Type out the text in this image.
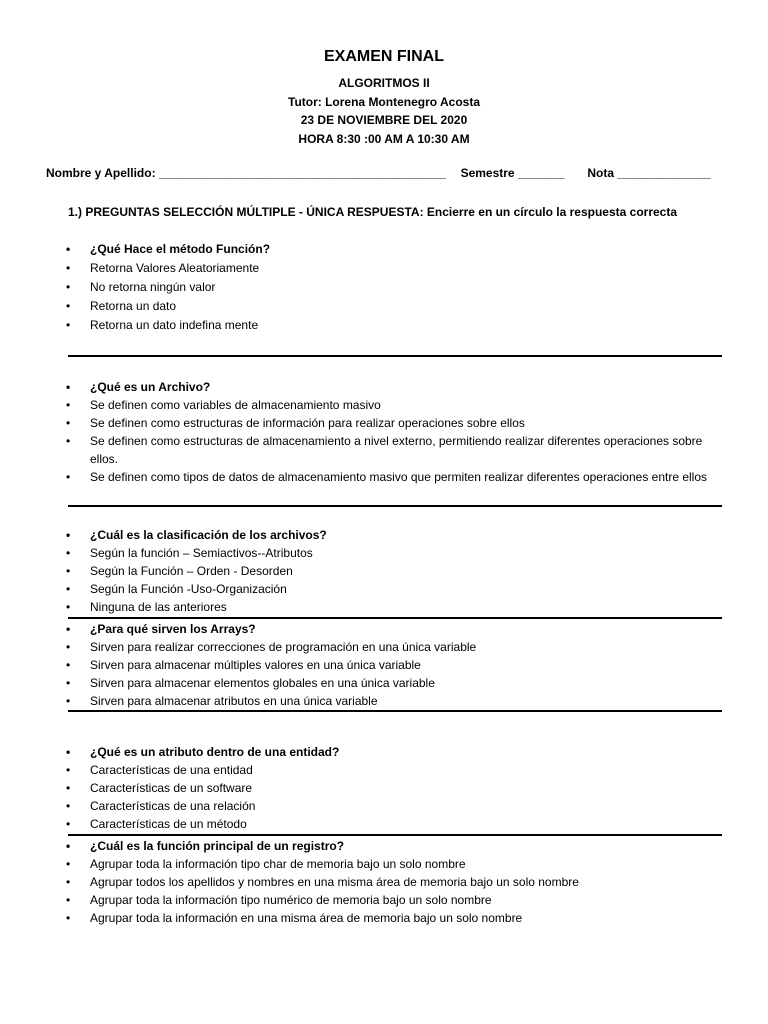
EXAMEN FINAL
ALGORITMOS II
Tutor: Lorena Montenegro Acosta
23 DE NOVIEMBRE DEL 2020
HORA 8:30 :00 AM A 10:30 AM
Nombre y Apellido: ___________________________________________ Semestre _______ Nota ______________
1.) PREGUNTAS SELECCIÓN MÚLTIPLE - ÚNICA RESPUESTA: Encierre en un círculo la respuesta correcta
• ¿Qué Hace el método Función?
• Retorna Valores Aleatoriamente
• No retorna ningún valor
• Retorna un dato
• Retorna un dato indefina mente
• ¿Qué es un Archivo?
• Se definen como variables de almacenamiento masivo
• Se definen como estructuras de información para realizar operaciones sobre ellos
• Se definen como estructuras de almacenamiento a nivel externo, permitiendo realizar diferentes operaciones sobre ellos.
• Se definen como tipos de datos de almacenamiento masivo que permiten realizar diferentes operaciones entre ellos
• ¿Cuál es la clasificación de los archivos?
• Según la función – Semiactivos--Atributos
• Según la Función – Orden - Desorden
• Según la Función -Uso-Organización
• Ninguna de las anteriores
• ¿Para qué sirven los Arrays?
• Sirven para realizar correcciones de programación en una única variable
• Sirven para almacenar múltiples valores en una única variable
• Sirven para almacenar elementos globales en una única variable
• Sirven para almacenar atributos en una única variable
• ¿Qué es un atributo dentro de una entidad?
• Características de una entidad
• Características de un software
• Características de una relación
• Características de un método
• ¿Cuál es la función principal de un registro?
• Agrupar toda la información tipo char de memoria bajo un solo nombre
• Agrupar todos los apellidos y nombres en una misma área de memoria bajo un solo nombre
• Agrupar toda la información tipo numérico de memoria bajo un solo nombre
• Agrupar toda la información en una misma área de memoria bajo un solo nombre
